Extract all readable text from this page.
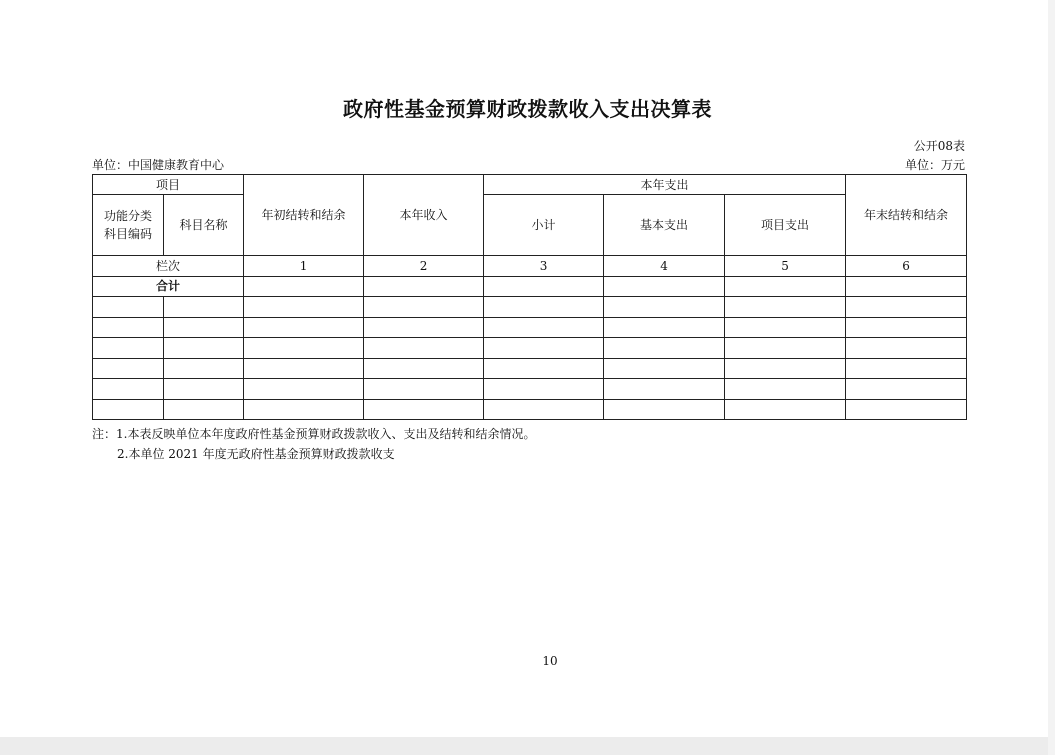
政府性基金预算财政拨款收入支出决算表
公开08表
单位：中国健康教育中心	单位：万元
项目		年初结转和结余	本年收入	本年支出			年末结转和结余
功能分类
科目编码	科目名称			小计	基本支出	项目支出	
栏次		1	2	3	4	5	6
合计							

注：1.本表反映单位本年度政府性基金预算财政拨款收入、支出及结转和结余情况。
2.本单位 2021 年度无政府性基金预算财政拨款收支
10
